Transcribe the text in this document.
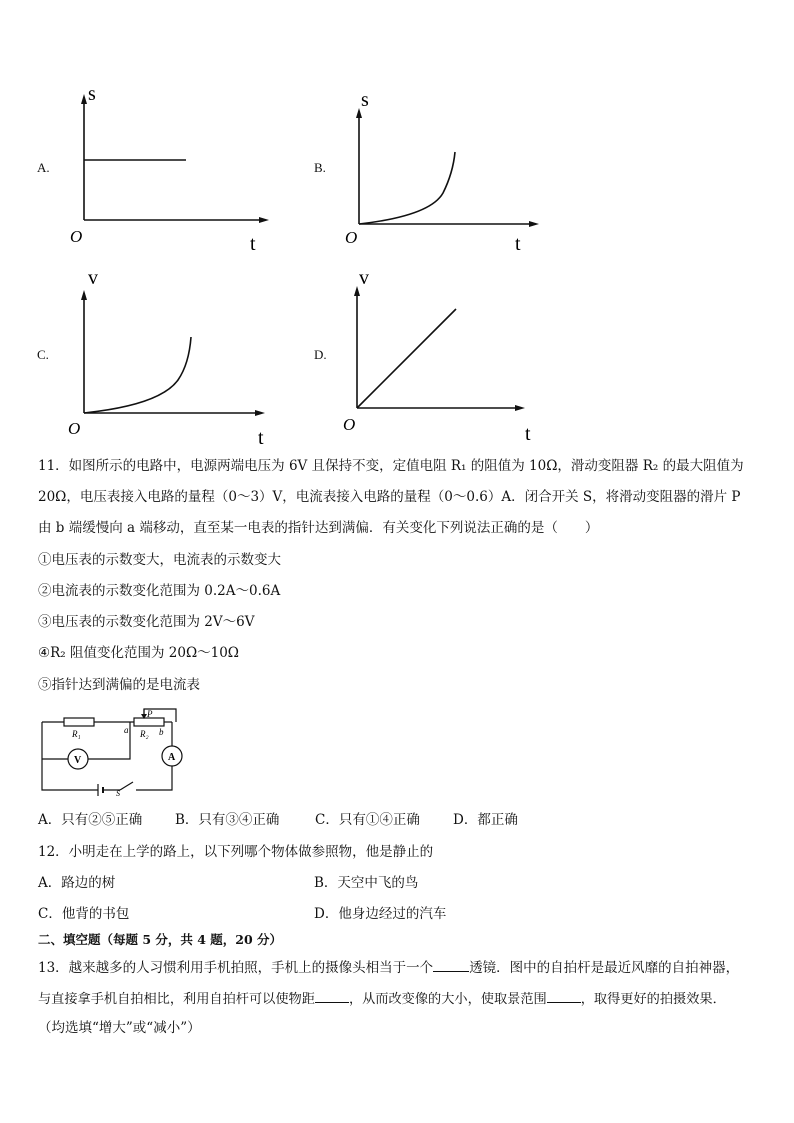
A.
s
t
O
B.
s
t
O
C.
v
t
O
D.
v
t
O
11．如图所示的电路中，电源两端电压为 6V 且保持不变，定值电阻 R₁ 的阻值为 10Ω，滑动变阻器 R₂ 的最大阻值为
20Ω，电压表接入电路的量程（0～3）V，电流表接入电路的量程（0～0.6）A．闭合开关 S，将滑动变阻器的滑片 P
由 b 端缓慢向 a 端移动，直至某一电表的指针达到满偏．有关变化下列说法正确的是（　　）
①电压表的示数变大，电流表的示数变大
②电流表的示数变化范围为 0.2A～0.6A
③电压表的示数变化范围为 2V～6V
④R₂ 阻值变化范围为 20Ω～10Ω
⑤指针达到满偏的是电流表
R₁	R₂
a	b
P
V	A
S
A．只有②⑤正确 B．只有③④正确	C．只有①④正确 D．都正确
12．小明走在上学的路上，以下列哪个物体做参照物，他是静止的
A．路边的树	B．天空中飞的鸟
C．他背的书包	D．他身边经过的汽车
二、填空题（每题 5 分，共 4 题，20 分）
13．越来越多的人习惯利用手机拍照，手机上的摄像头相当于一个	透镜．图中的自拍杆是最近风靡的自拍神器，
与直接拿手机自拍相比，利用自拍杆可以使物距	，从而改变像的大小，使取景范围	，取得更好的拍摄效果．
（均选填“增大”或“减小”）
